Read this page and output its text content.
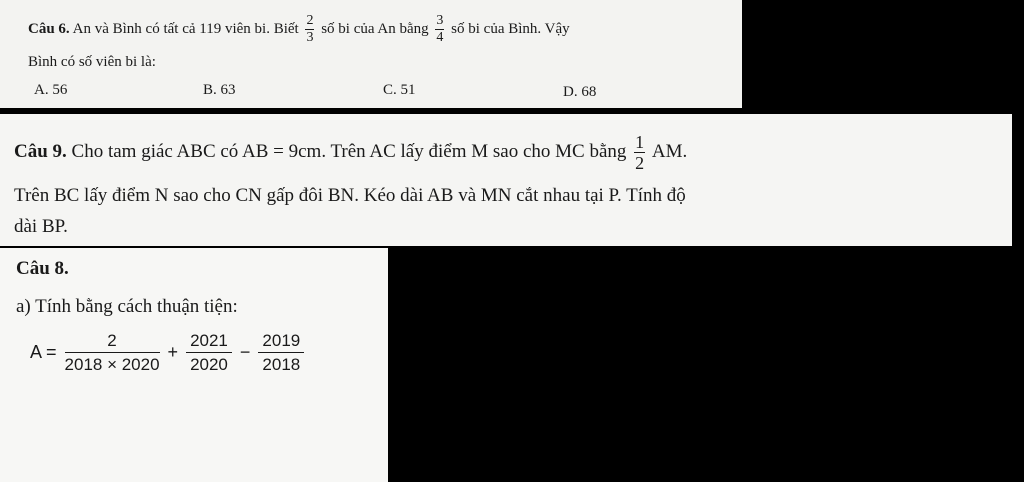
Câu 6. An và Bình có tất cả 119 viên bi. Biết $\frac{2}{3}$ số bi của An bằng $\frac{3}{4}$ số bi của Bình. Vậy
Bình có số viên bi là:
A. 56	B. 63	C. 51	D. 68
Câu 9. Cho tam giác ABC có AB = 9cm. Trên AC lấy điểm M sao cho MC bằng $\frac{1}{2}$ AM.
Trên BC lấy điểm N sao cho CN gấp đôi BN. Kéo dài AB và MN cắt nhau tại P. Tính độ
dài BP.
Câu 8.
a) Tính bằng cách thuận tiện:
$A = \frac{2}{2018 \times 2020} + \frac{2021}{2020} - \frac{2019}{2018}$
